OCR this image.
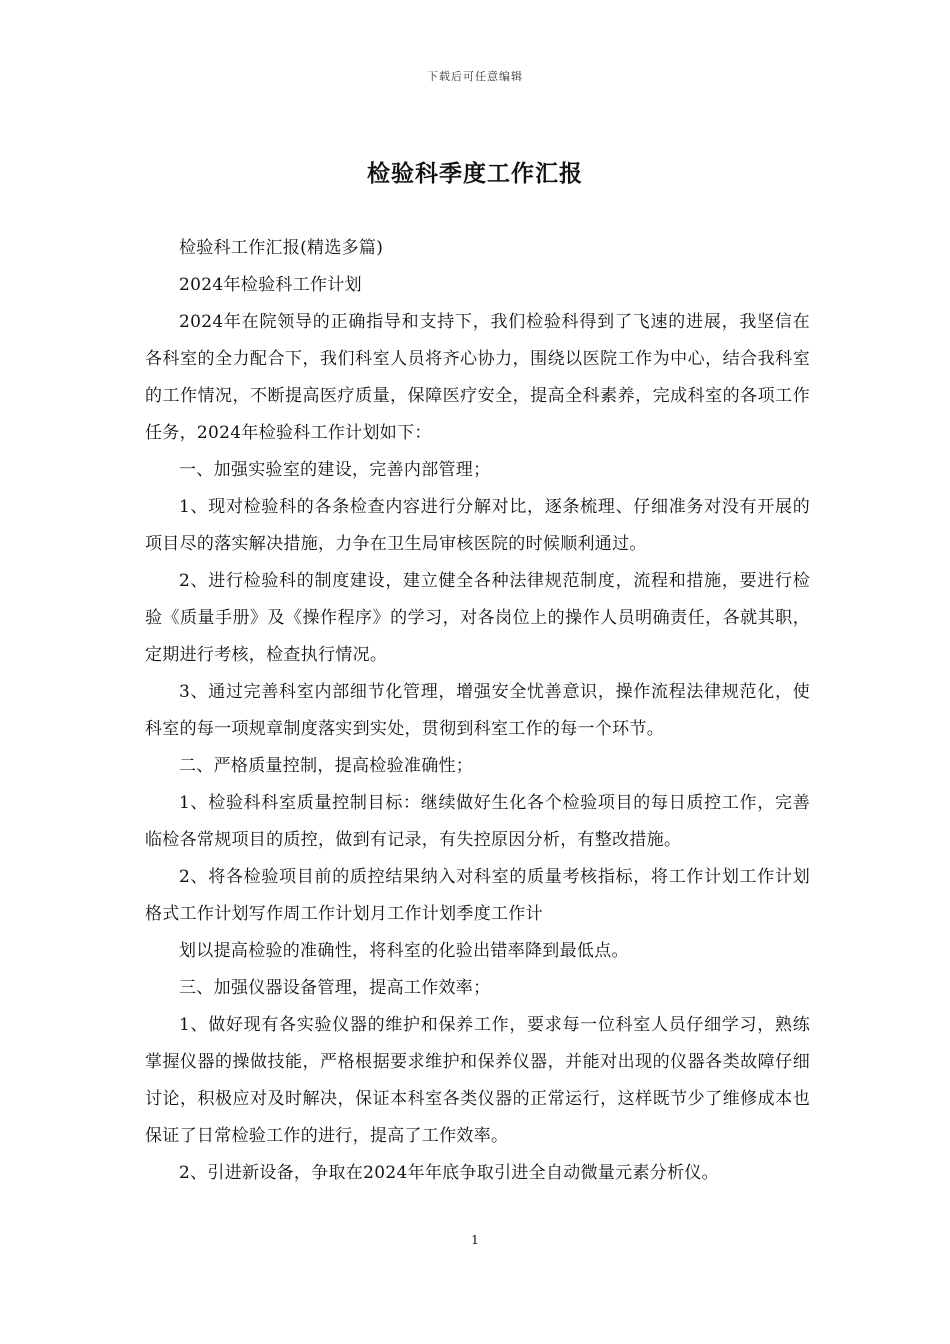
下载后可任意编辑
检验科季度工作汇报

检验科工作汇报(精选多篇)

2024年检验科工作计划

2024年在院领导的正确指导和支持下，我们检验科得到了飞速的进展，我坚信在各科室的全力配合下，我们科室人员将齐心协力，围绕以医院工作为中心，结合我科室的工作情况，不断提高医疗质量，保障医疗安全，提高全科素养，完成科室的各项工作任务，2024年检验科工作计划如下：

一、加强实验室的建设，完善内部管理；

1、现对检验科的各条检查内容进行分解对比，逐条梳理、仔细准务对没有开展的项目尽的落实解决措施，力争在卫生局审核医院的时候顺利通过。

2、进行检验科的制度建设，建立健全各种法律规范制度，流程和措施，要进行检验《质量手册》及《操作程序》的学习，对各岗位上的操作人员明确责任，各就其职，定期进行考核，检查执行情况。

3、通过完善科室内部细节化管理，增强安全忧善意识，操作流程法律规范化，使科室的每一项规章制度落实到实处，贯彻到科室工作的每一个环节。

二、严格质量控制，提高检验准确性；

1、检验科科室质量控制目标：继续做好生化各个检验项目的每日质控工作，完善临检各常规项目的质控，做到有记录，有失控原因分析，有整改措施。

2、将各检验项目前的质控结果纳入对科室的质量考核指标，将工作计划工作计划格式工作计划写作周工作计划月工作计划季度工作计

划以提高检验的准确性，将科室的化验出错率降到最低点。

三、加强仪器设备管理，提高工作效率；

1、做好现有各实验仪器的维护和保养工作，要求每一位科室人员仔细学习，熟练掌握仪器的操做技能，严格根据要求维护和保养仪器，并能对出现的仪器各类故障仔细讨论，积极应对及时解决，保证本科室各类仪器的正常运行，这样既节少了维修成本也保证了日常检验工作的进行，提高了工作效率。

2、引进新设备，争取在2024年年底争取引进全自动微量元素分析仪。

1
